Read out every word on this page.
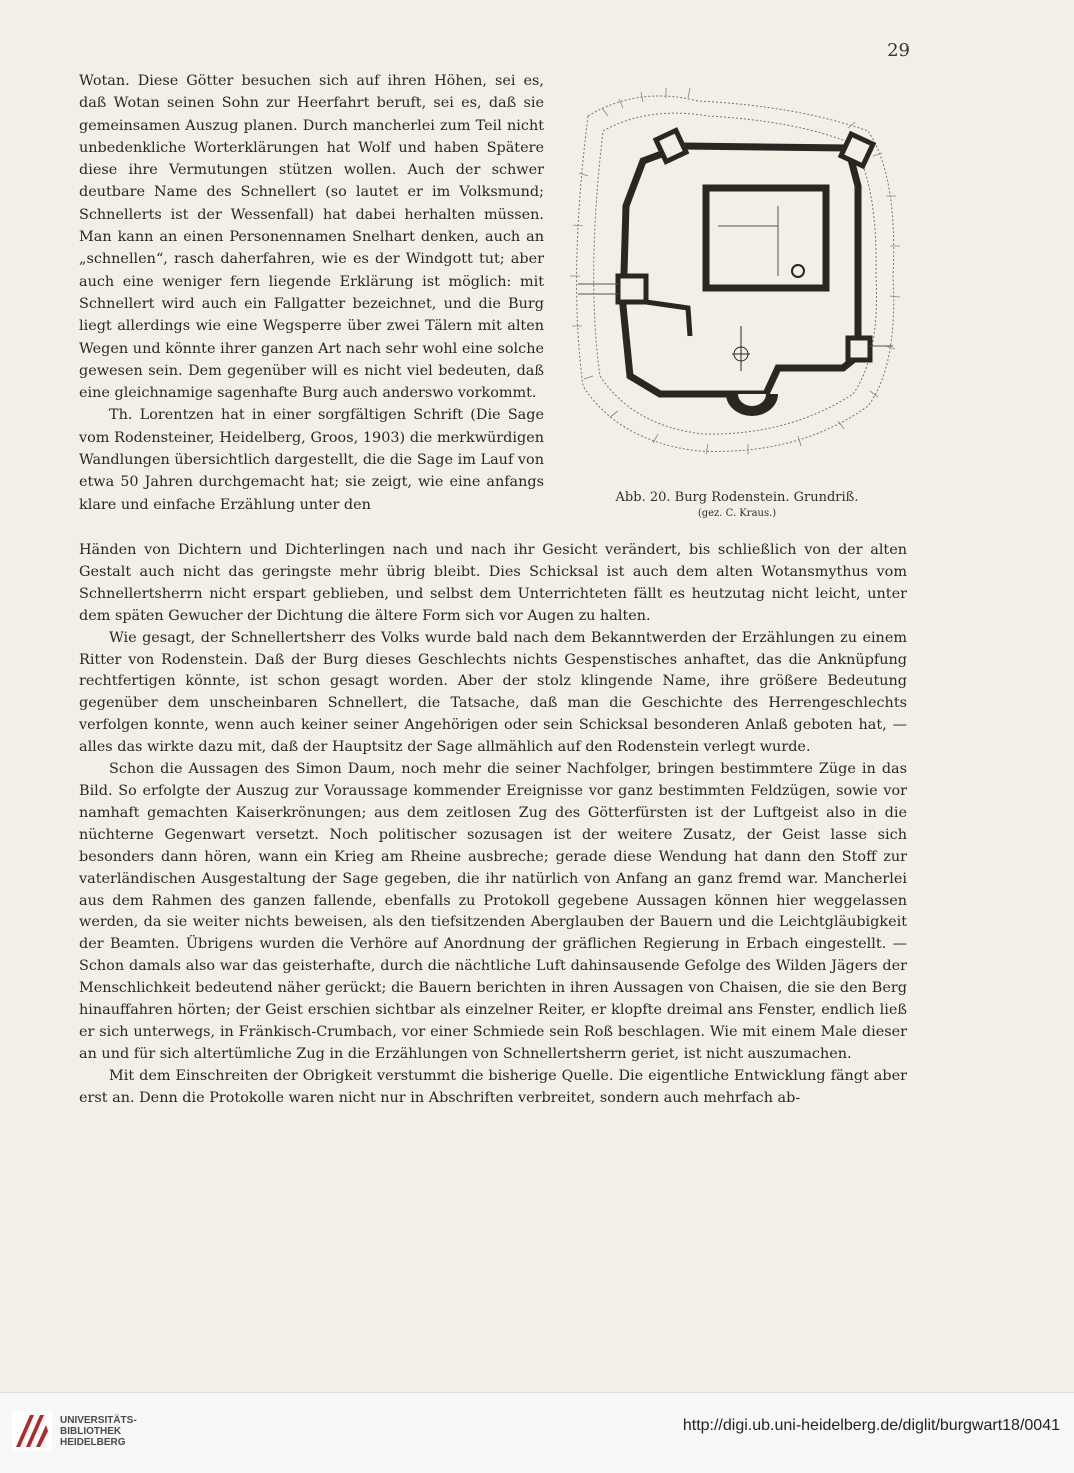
29

Wotan. Diese Götter besuchen sich auf ihren Höhen, sei es, daß Wotan seinen Sohn zur Heerfahrt beruft, sei es, daß sie gemeinsamen Auszug planen. Durch mancherlei zum Teil nicht unbedenkliche Worterklärungen hat Wolf und haben Spätere diese ihre Vermutungen stützen wollen. Auch der schwer deutbare Name des Schnellert (so lautet er im Volksmund; Schnellerts ist der Wessenfall) hat dabei herhalten müssen. Man kann an einen Personennamen Snelhart denken, auch an „schnellen“, rasch daherfahren, wie es der Windgott tut; aber auch eine weniger fern liegende Erklärung ist möglich: mit Schnellert wird auch ein Fallgatter bezeichnet, und die Burg liegt allerdings wie eine Wegsperre über zwei Tälern mit alten Wegen und könnte ihrer ganzen Art nach sehr wohl eine solche gewesen sein. Dem gegenüber will es nicht viel bedeuten, daß eine gleichnamige sagenhafte Burg auch anderswo vorkommt.

Th. Lorentzen hat in einer sorgfältigen Schrift (Die Sage vom Rodensteiner, Heidelberg, Groos, 1903) die merkwürdigen Wandlungen übersichtlich dargestellt, die die Sage im Lauf von etwa 50 Jahren durchgemacht hat; sie zeigt, wie eine anfangs klare und einfache Erzählung unter den	Abb. 20. Burg Rodenstein. Grundriß.
(gez. C. Kraus.)

Händen von Dichtern und Dichterlingen nach und nach ihr Gesicht verändert, bis schließlich von der alten Gestalt auch nicht das geringste mehr übrig bleibt. Dies Schicksal ist auch dem alten Wotansmythus vom Schnellertsherrn nicht erspart geblieben, und selbst dem Unterrichteten fällt es heutzutag nicht leicht, unter dem späten Gewucher der Dichtung die ältere Form sich vor Augen zu halten.

Wie gesagt, der Schnellertsherr des Volks wurde bald nach dem Bekanntwerden der Erzählungen zu einem Ritter von Rodenstein. Daß der Burg dieses Geschlechts nichts Gespenstisches anhaftet, das die Anknüpfung rechtfertigen könnte, ist schon gesagt worden. Aber der stolz klingende Name, ihre größere Bedeutung gegenüber dem unscheinbaren Schnellert, die Tatsache, daß man die Geschichte des Herrengeschlechts verfolgen konnte, wenn auch keiner seiner Angehörigen oder sein Schicksal besonderen Anlaß geboten hat, — alles das wirkte dazu mit, daß der Hauptsitz der Sage allmählich auf den Rodenstein verlegt wurde.

Schon die Aussagen des Simon Daum, noch mehr die seiner Nachfolger, bringen bestimmtere Züge in das Bild. So erfolgte der Auszug zur Voraussage kommender Ereignisse vor ganz bestimmten Feldzügen, sowie vor namhaft gemachten Kaiserkrönungen; aus dem zeitlosen Zug des Götterfürsten ist der Luftgeist also in die nüchterne Gegenwart versetzt. Noch politischer sozusagen ist der weitere Zusatz, der Geist lasse sich besonders dann hören, wann ein Krieg am Rheine ausbreche; gerade diese Wendung hat dann den Stoff zur vaterländischen Ausgestaltung der Sage gegeben, die ihr natürlich von Anfang an ganz fremd war. Mancherlei aus dem Rahmen des ganzen fallende, ebenfalls zu Protokoll gegebene Aussagen können hier weggelassen werden, da sie weiter nichts beweisen, als den tiefsitzenden Aberglauben der Bauern und die Leichtgläubigkeit der Beamten. Übrigens wurden die Verhöre auf Anordnung der gräflichen Regierung in Erbach eingestellt. — Schon damals also war das geisterhafte, durch die nächtliche Luft dahinsausende Gefolge des Wilden Jägers der Menschlichkeit bedeutend näher gerückt; die Bauern berichten in ihren Aussagen von Chaisen, die sie den Berg hinauffahren hörten; der Geist erschien sichtbar als einzelner Reiter, er klopfte dreimal ans Fenster, endlich ließ er sich unterwegs, in Fränkisch-Crumbach, vor einer Schmiede sein Roß beschlagen. Wie mit einem Male dieser an und für sich altertümliche Zug in die Erzählungen von Schnellertsherrn geriet, ist nicht auszumachen.

Mit dem Einschreiten der Obrigkeit verstummt die bisherige Quelle. Die eigentliche Entwicklung fängt aber erst an. Denn die Protokolle waren nicht nur in Abschriften verbreitet, sondern auch mehrfach ab-

UNIVERSITÄTS-
BIBLIOTHEK
HEIDELBERG
http://digi.ub.uni-heidelberg.de/diglit/burgwart18/0041
